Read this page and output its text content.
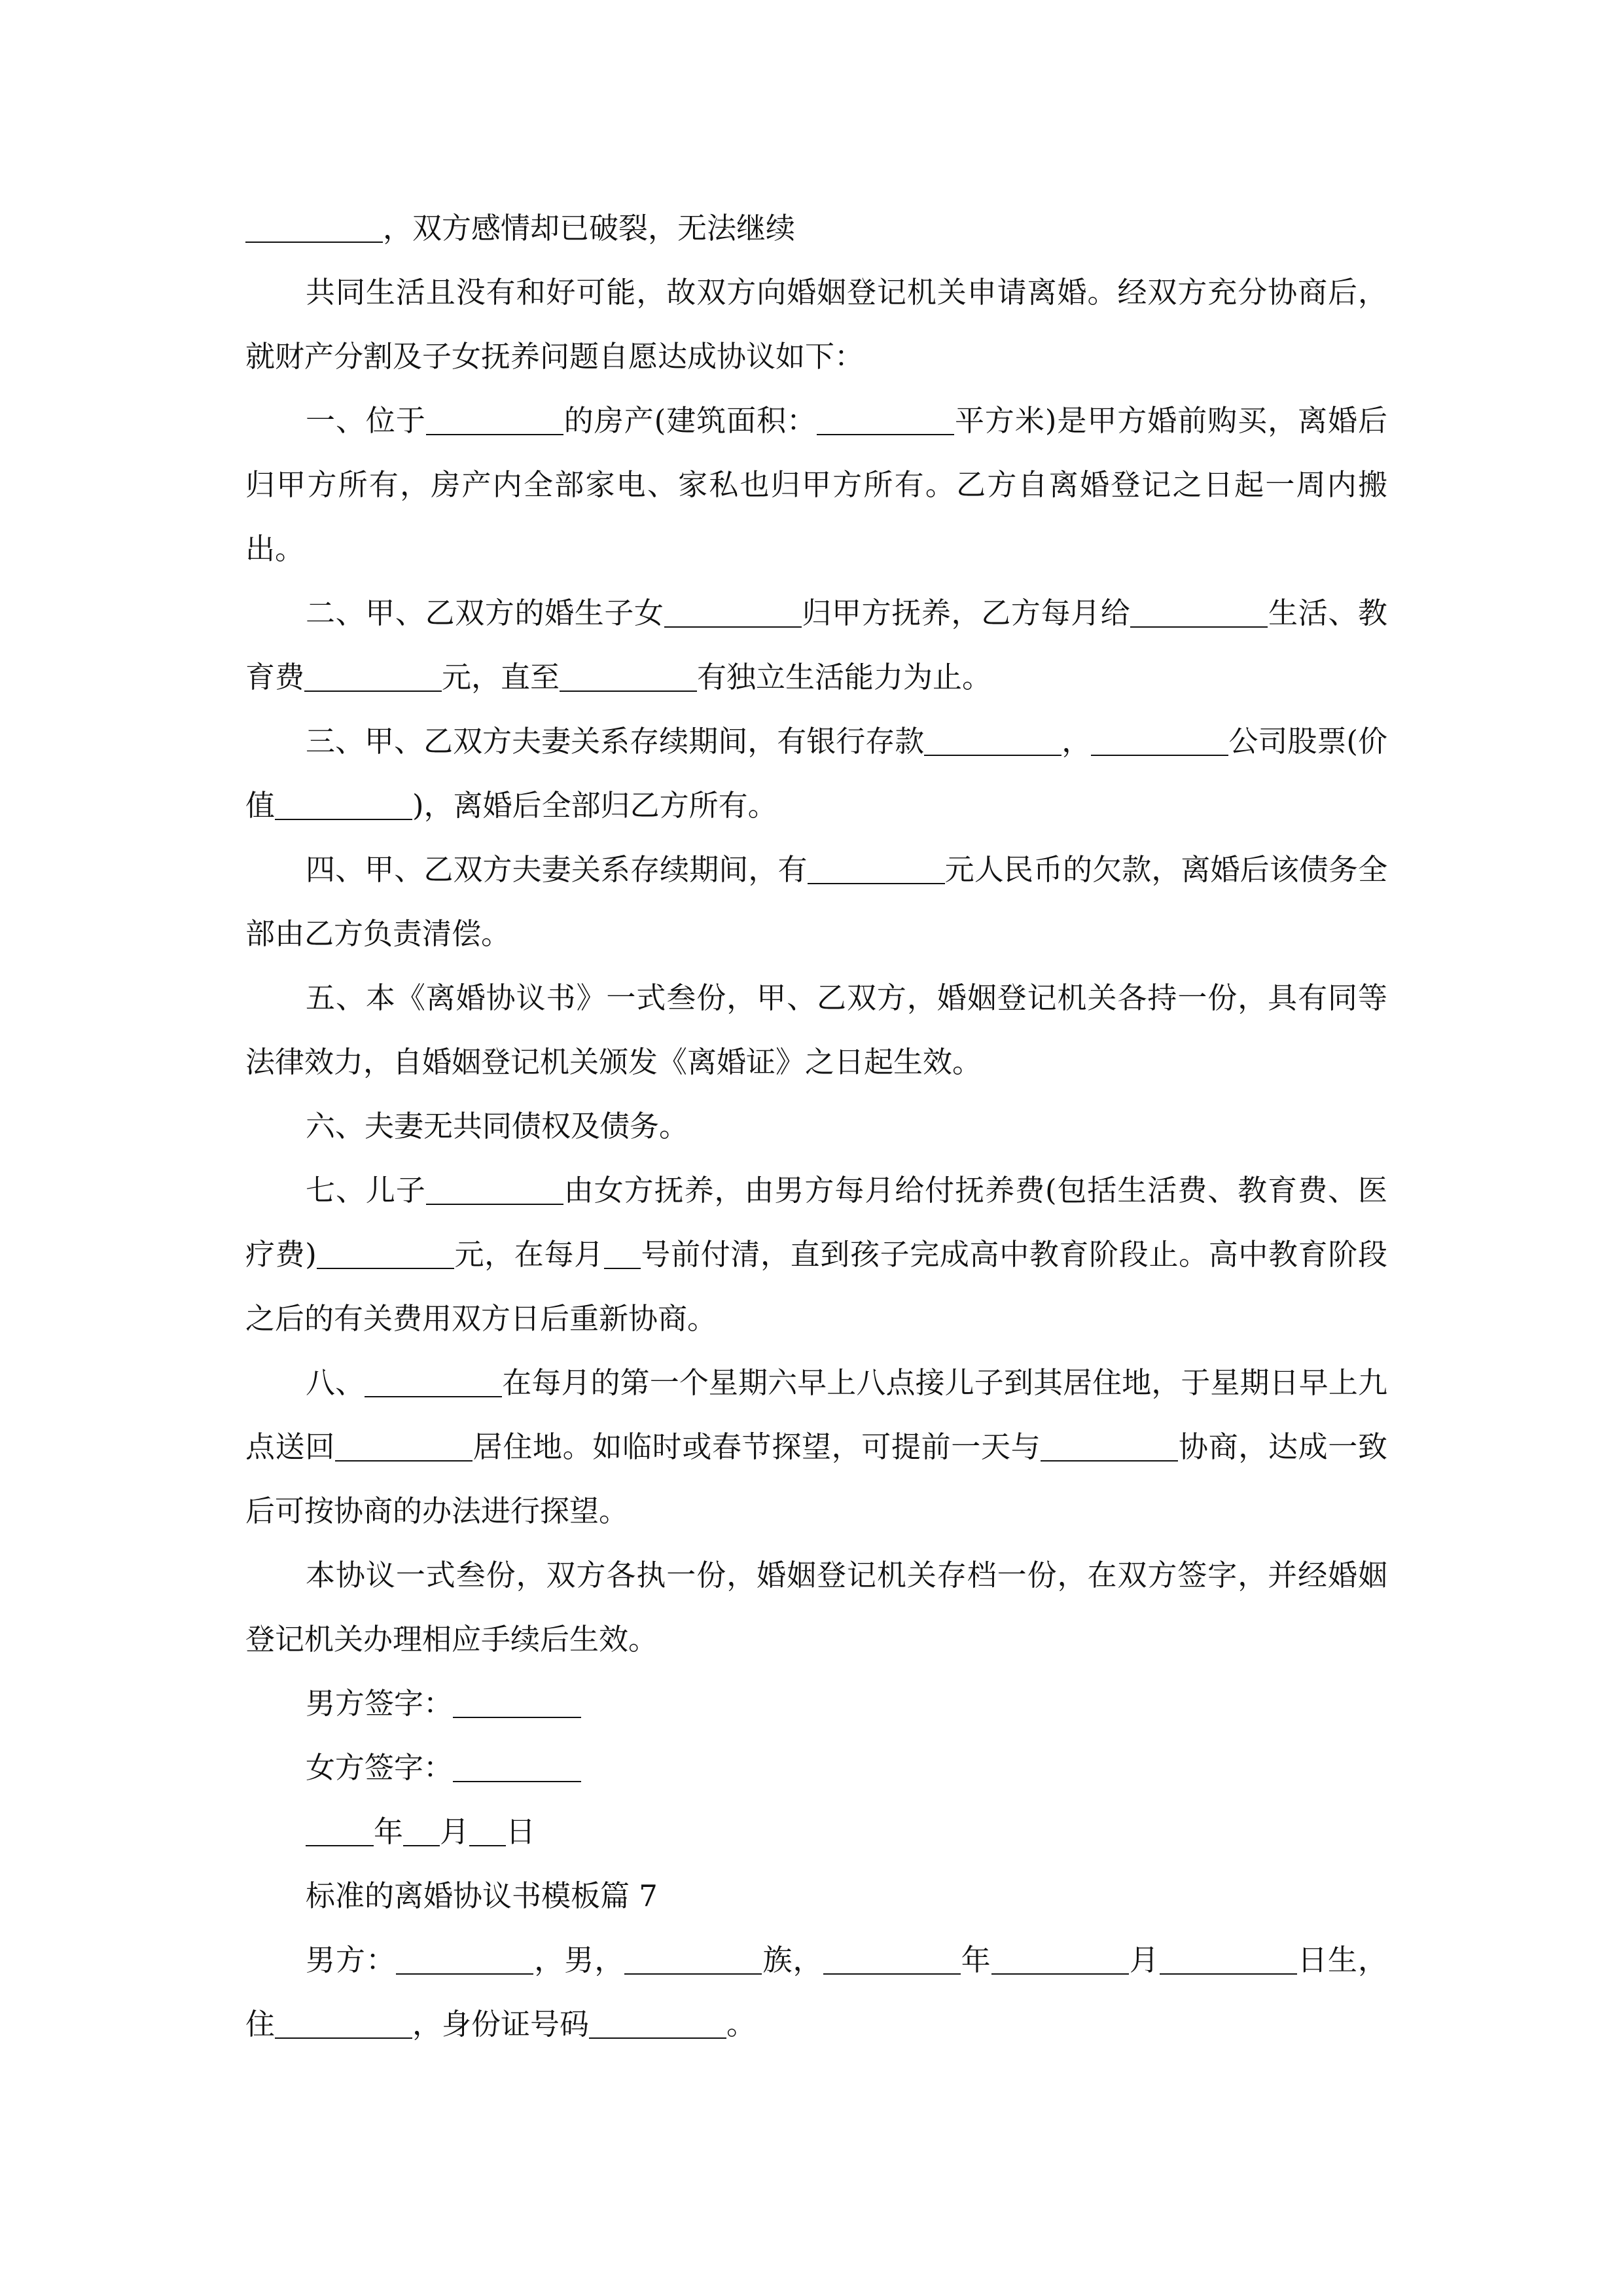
，双方感情却已破裂，无法继续

共同生活且没有和好可能，故双方向婚姻登记机关申请离婚。经双方充分协商后，就财产分割及子女抚养问题自愿达成协议如下：

一、位于	的房产(建筑面积：	平方米)是甲方婚前购买，离婚后归甲方所有，房产内全部家电、家私也归甲方所有。乙方自离婚登记之日起一周内搬出。

二、甲、乙双方的婚生子女	归甲方抚养，乙方每月给	生活、教育费	元，直至	有独立生活能力为止。

三、甲、乙双方夫妻关系存续期间，有银行存款	，	公司股票(价值	)，离婚后全部归乙方所有。

四、甲、乙双方夫妻关系存续期间，有	元人民币的欠款，离婚后该债务全部由乙方负责清偿。

五、本《离婚协议书》一式叁份，甲、乙双方，婚姻登记机关各持一份，具有同等法律效力，自婚姻登记机关颁发《离婚证》之日起生效。

六、夫妻无共同债权及债务。

七、儿子	由女方抚养，由男方每月给付抚养费(包括生活费、教育费、医疗费)	元，在每月 号前付清，直到孩子完成高中教育阶段止。高中教育阶段之后的有关费用双方日后重新协商。

八、	在每月的第一个星期六早上八点接儿子到其居住地，于星期日早上九点送回	居住地。如临时或春节探望，可提前一天与	协商，达成一致后可按协商的办法进行探望。

本协议一式叁份，双方各执一份，婚姻登记机关存档一份，在双方签字，并经婚姻登记机关办理相应手续后生效。

男方签字：

女方签字：

年 月 日

标准的离婚协议书模板篇 7

男方：	，男，	族，	年	月	日生，住	，身份证号码	。
